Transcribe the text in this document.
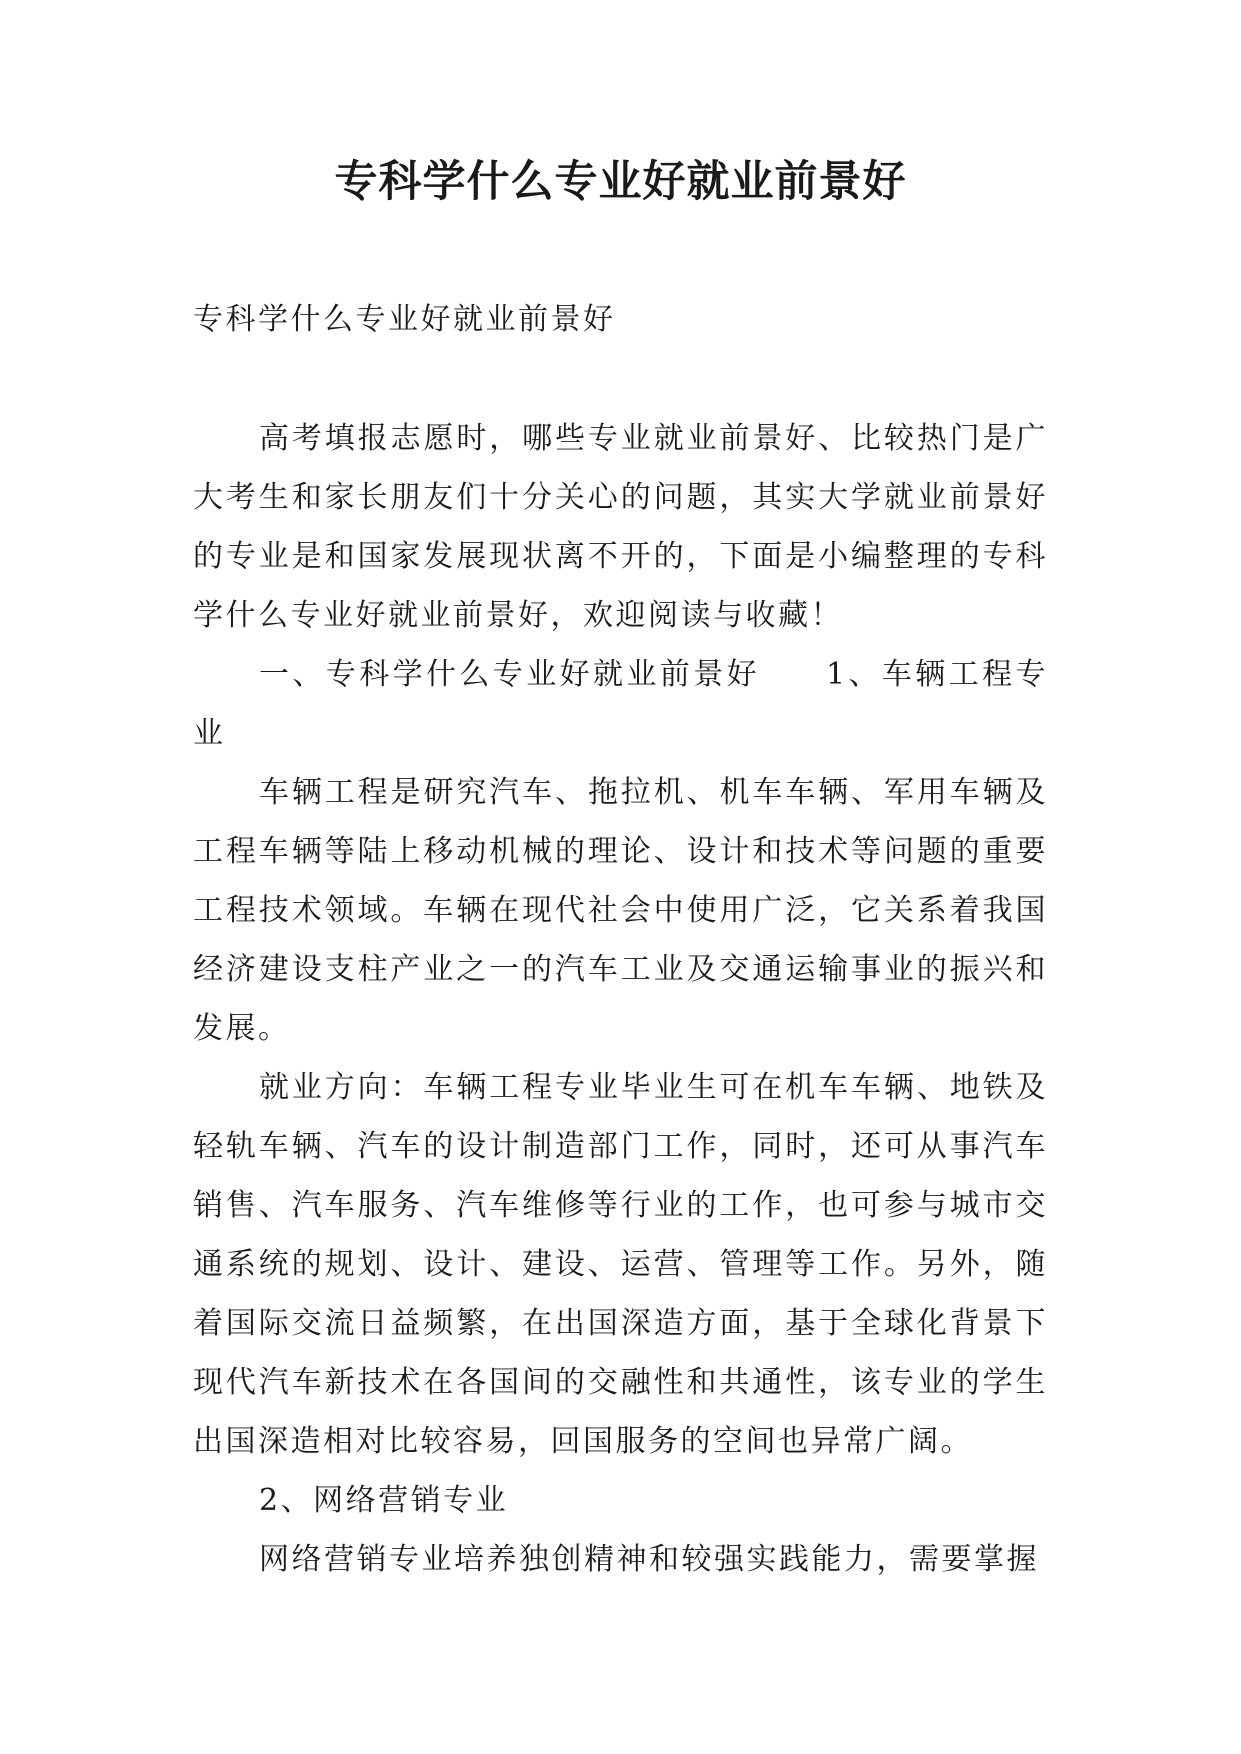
专科学什么专业好就业前景好

专科学什么专业好就业前景好

高考填报志愿时，哪些专业就业前景好、比较热门是广大考生和家长朋友们十分关心的问题，其实大学就业前景好的专业是和国家发展现状离不开的，下面是小编整理的专科学什么专业好就业前景好，欢迎阅读与收藏！

一、专科学什么专业好就业前景好 1、车辆工程专业

车辆工程是研究汽车、拖拉机、机车车辆、军用车辆及工程车辆等陆上移动机械的理论、设计和技术等问题的重要工程技术领域。车辆在现代社会中使用广泛，它关系着我国经济建设支柱产业之一的汽车工业及交通运输事业的振兴和发展。

就业方向：车辆工程专业毕业生可在机车车辆、地铁及轻轨车辆、汽车的设计制造部门工作，同时，还可从事汽车销售、汽车服务、汽车维修等行业的工作，也可参与城市交通系统的规划、设计、建设、运营、管理等工作。另外，随着国际交流日益频繁，在出国深造方面，基于全球化背景下现代汽车新技术在各国间的交融性和共通性，该专业的学生出国深造相对比较容易，回国服务的空间也异常广阔。

2、网络营销专业

网络营销专业培养独创精神和较强实践能力，需要掌握
